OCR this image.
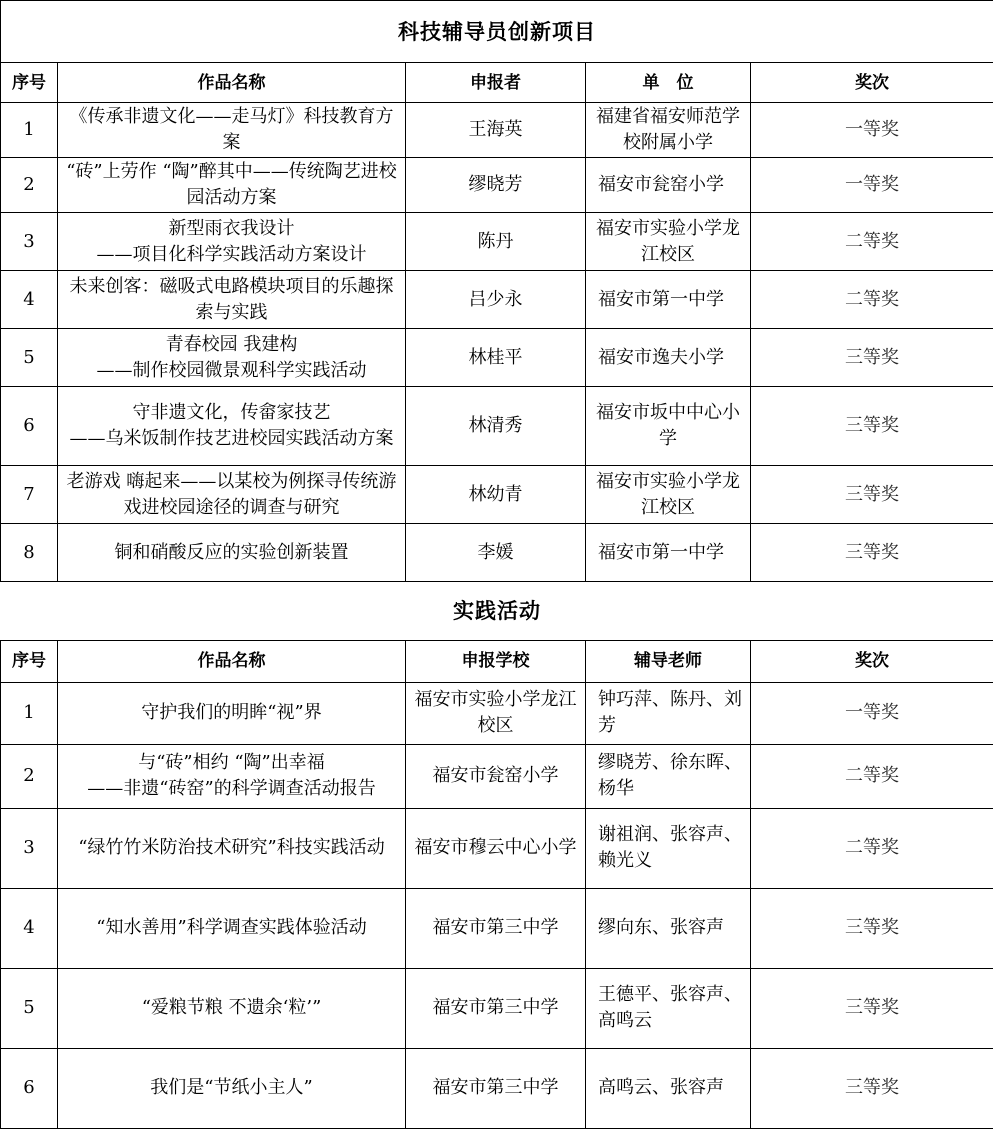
科技辅导员创新项目				
序号	作品名称	申报者	单　位	奖次
1	《传承非遗文化——走马灯》科技教育方案	王海英	福建省福安师范学校附属小学	一等奖
2	“砖”上劳作 “陶”醉其中——传统陶艺进校园活动方案	缪晓芳	福安市瓮窑小学	一等奖
3	新型雨衣我设计
——项目化科学实践活动方案设计	陈丹	福安市实验小学龙江校区	二等奖
4	未来创客：磁吸式电路模块项目的乐趣探索与实践	吕少永	福安市第一中学	二等奖
5	青春校园 我建构
——制作校园微景观科学实践活动	林桂平	福安市逸夫小学	三等奖
6	守非遗文化，传畲家技艺
——乌米饭制作技艺进校园实践活动方案	林清秀	福安市坂中中心小学	三等奖
7	老游戏 嗨起来——以某校为例探寻传统游戏进校园途径的调查与研究	林幼青	福安市实验小学龙江校区	三等奖
8	铜和硝酸反应的实验创新装置	李媛	福安市第一中学	三等奖
实践活动				
序号	作品名称	申报学校	辅导老师	奖次
1	守护我们的明眸“视”界	福安市实验小学龙江校区	钟巧萍、陈丹、刘芳	一等奖
2	与“砖”相约 “陶”出幸福
——非遗“砖窑”的科学调查活动报告	福安市瓮窑小学	缪晓芳、徐东晖、杨华	二等奖
3	“绿竹竹米防治技术研究”科技实践活动	福安市穆云中心小学	谢祖润、张容声、赖光义	二等奖
4	“知水善用”科学调查实践体验活动	福安市第三中学	缪向东、张容声	三等奖
5	“爱粮节粮 不遗余‘粒’”	福安市第三中学	王德平、张容声、高鸣云	三等奖
6	我们是“节纸小主人”	福安市第三中学	高鸣云、张容声	三等奖
